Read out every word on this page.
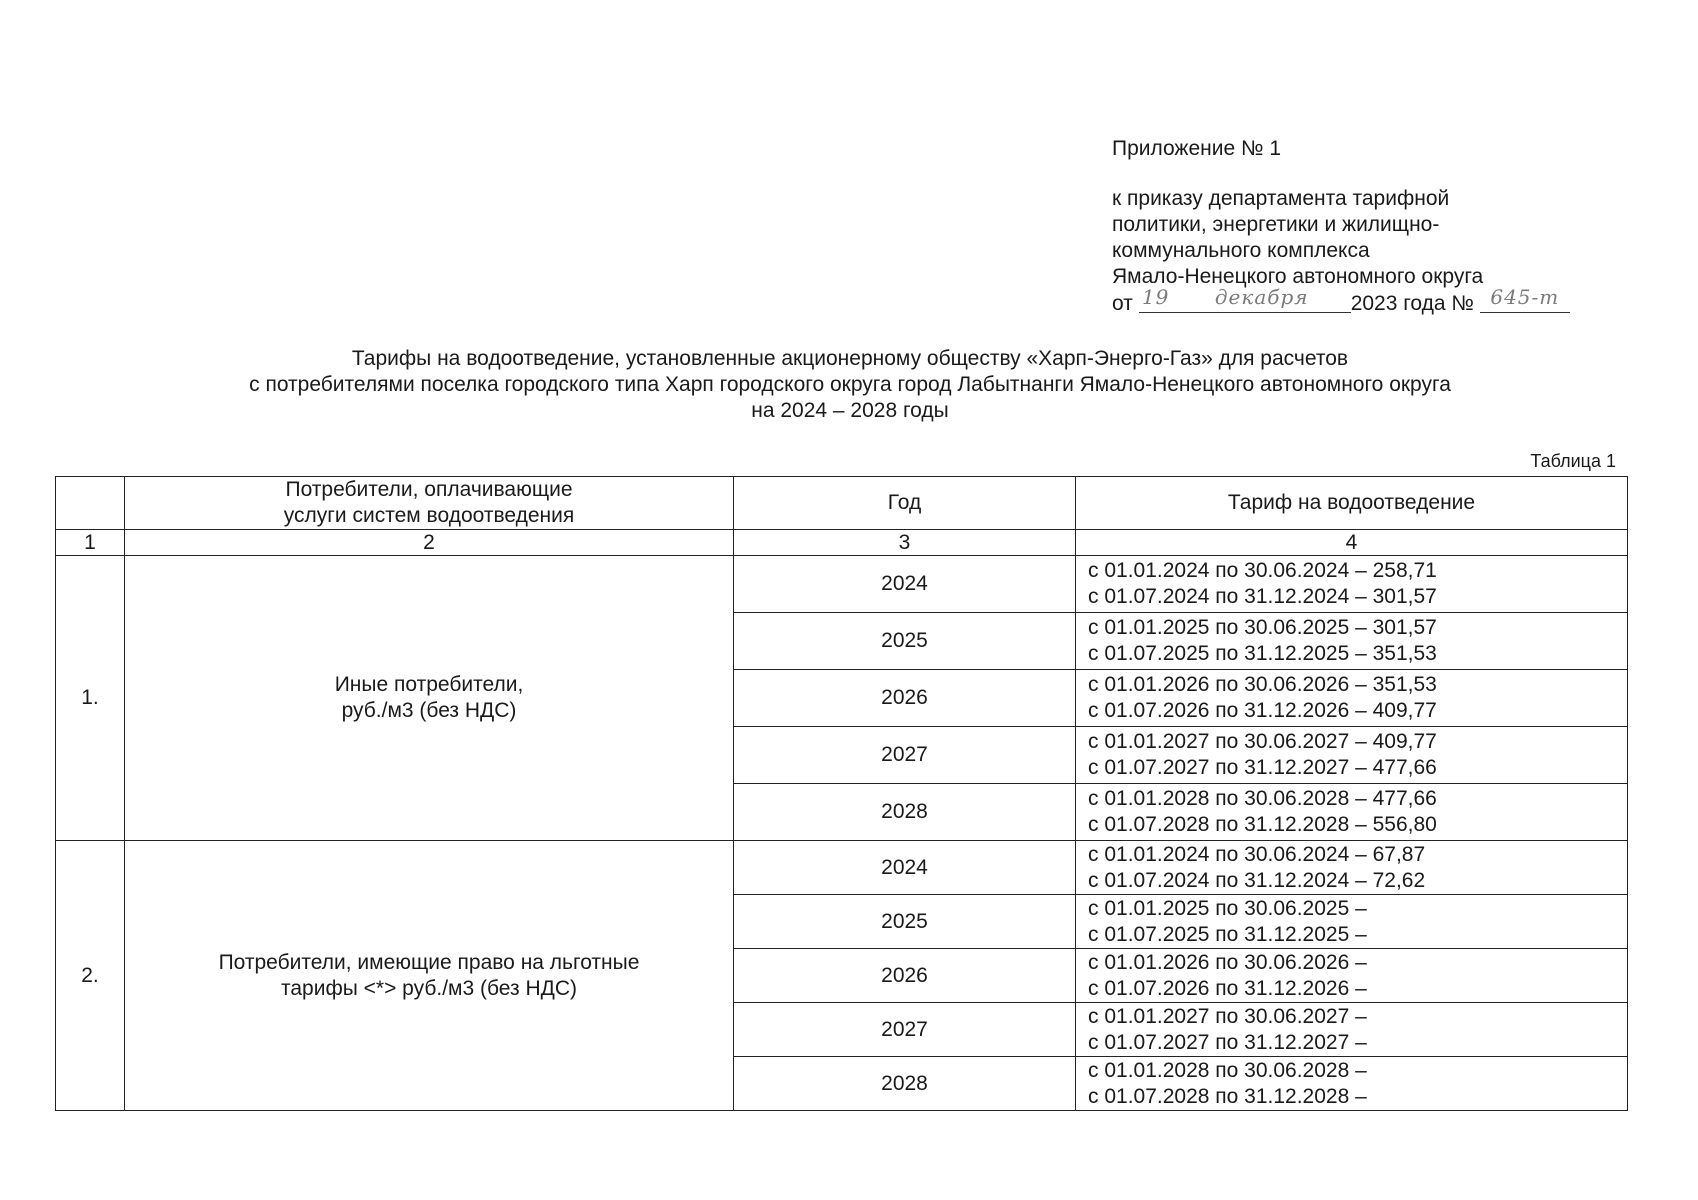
Приложение № 1
к приказу департамента тарифной
политики, энергетики и жилищно-
коммунального комплекса
Ямало-Ненецкого автономного округа
от 19 декабря 2023 года № 645-т
Тарифы на водоотведение, установленные акционерному обществу «Харп-Энерго-Газ» для расчетов
с потребителями поселка городского типа Харп городского округа город Лабытнанги Ямало-Ненецкого автономного округа
на 2024 – 2028 годы
Таблица 1

	Потребители, оплачивающие
услуги систем водоотведения	Год	Тариф на водоотведение

1	2	3	4
1.	Иные потребители,
руб./м3 (без НДС)	2024	с 01.01.2024 по 30.06.2024 – 258,71
с 01.07.2024 по 31.12.2024 – 301,57

		2025	с 01.01.2025 по 30.06.2025 – 301,57
с 01.07.2025 по 31.12.2025 – 351,53

		2026	с 01.01.2026 по 30.06.2026 – 351,53
с 01.07.2026 по 31.12.2026 – 409,77

		2027	с 01.01.2027 по 30.06.2027 – 409,77
с 01.07.2027 по 31.12.2027 – 477,66

		2028	с 01.01.2028 по 30.06.2028 – 477,66
с 01.07.2028 по 31.12.2028 – 556,80

2.	Потребители, имеющие право на льготные
тарифы <*> руб./м3 (без НДС)	2024	с 01.01.2024 по 30.06.2024 – 67,87
с 01.07.2024 по 31.12.2024 – 72,62

		2025	с 01.01.2025 по 30.06.2025 –
с 01.07.2025 по 31.12.2025 –

		2026	с 01.01.2026 по 30.06.2026 –
с 01.07.2026 по 31.12.2026 –

		2027	с 01.01.2027 по 30.06.2027 –
с 01.07.2027 по 31.12.2027 –

		2028	с 01.01.2028 по 30.06.2028 –
с 01.07.2028 по 31.12.2028 –
